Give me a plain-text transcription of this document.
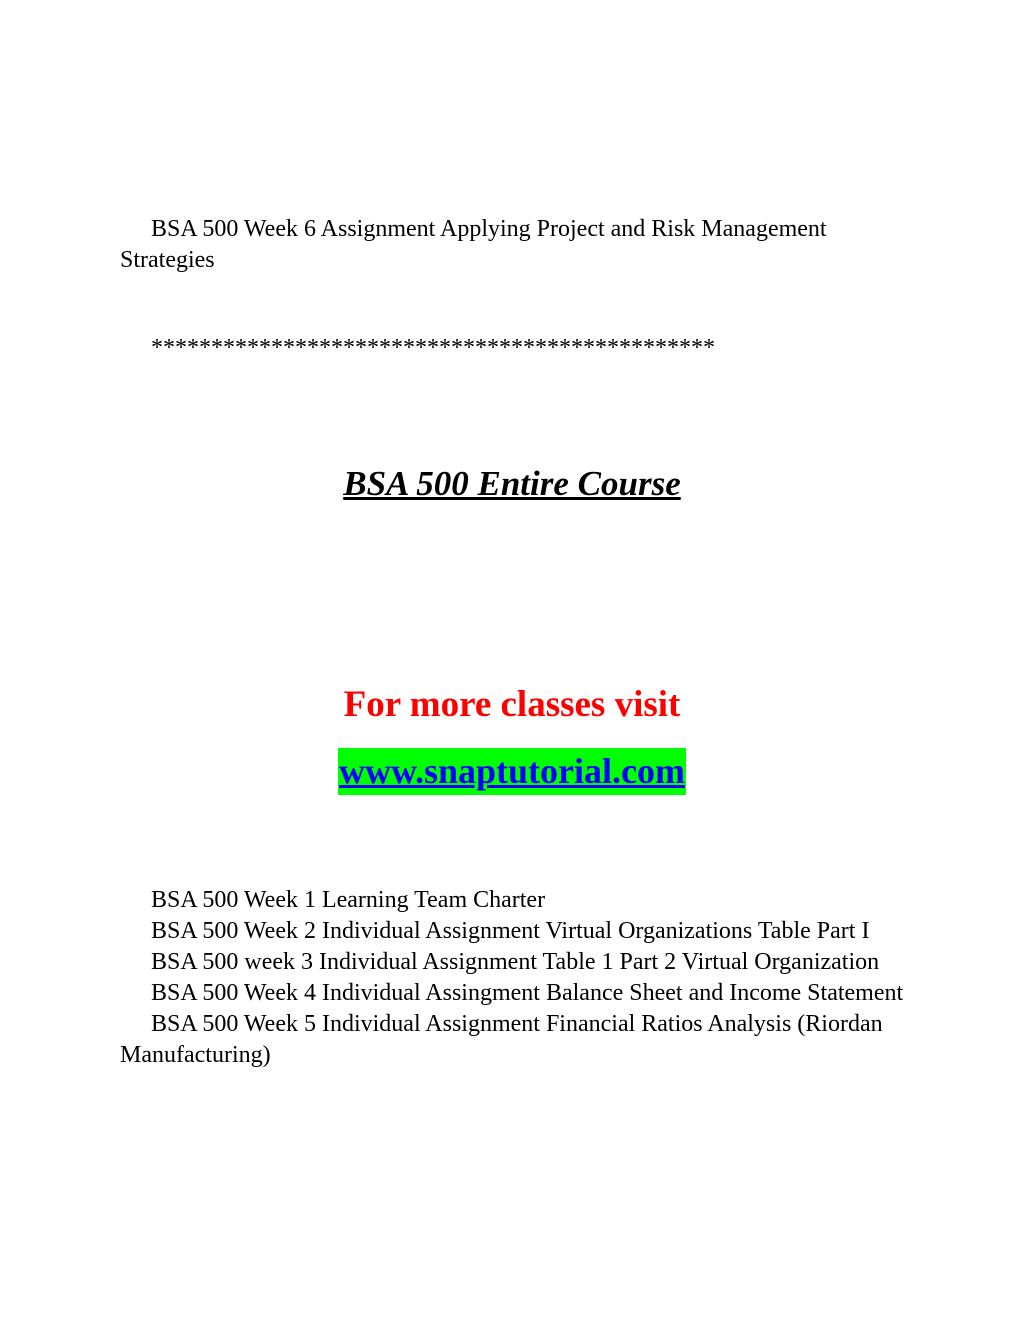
BSA 500 Week 6 Assignment Applying Project and Risk Management Strategies

***********************************************

BSA 500 Entire Course

For more classes visit

www.snaptutorial.com

BSA 500 Week 1 Learning Team Charter
BSA 500 Week 2 Individual Assignment Virtual Organizations Table Part I
BSA 500 week 3 Individual Assignment Table 1 Part 2 Virtual Organization
BSA 500 Week 4 Individual Assingment Balance Sheet and Income Statement
BSA 500 Week 5 Individual Assignment Financial Ratios Analysis (Riordan Manufacturing)
